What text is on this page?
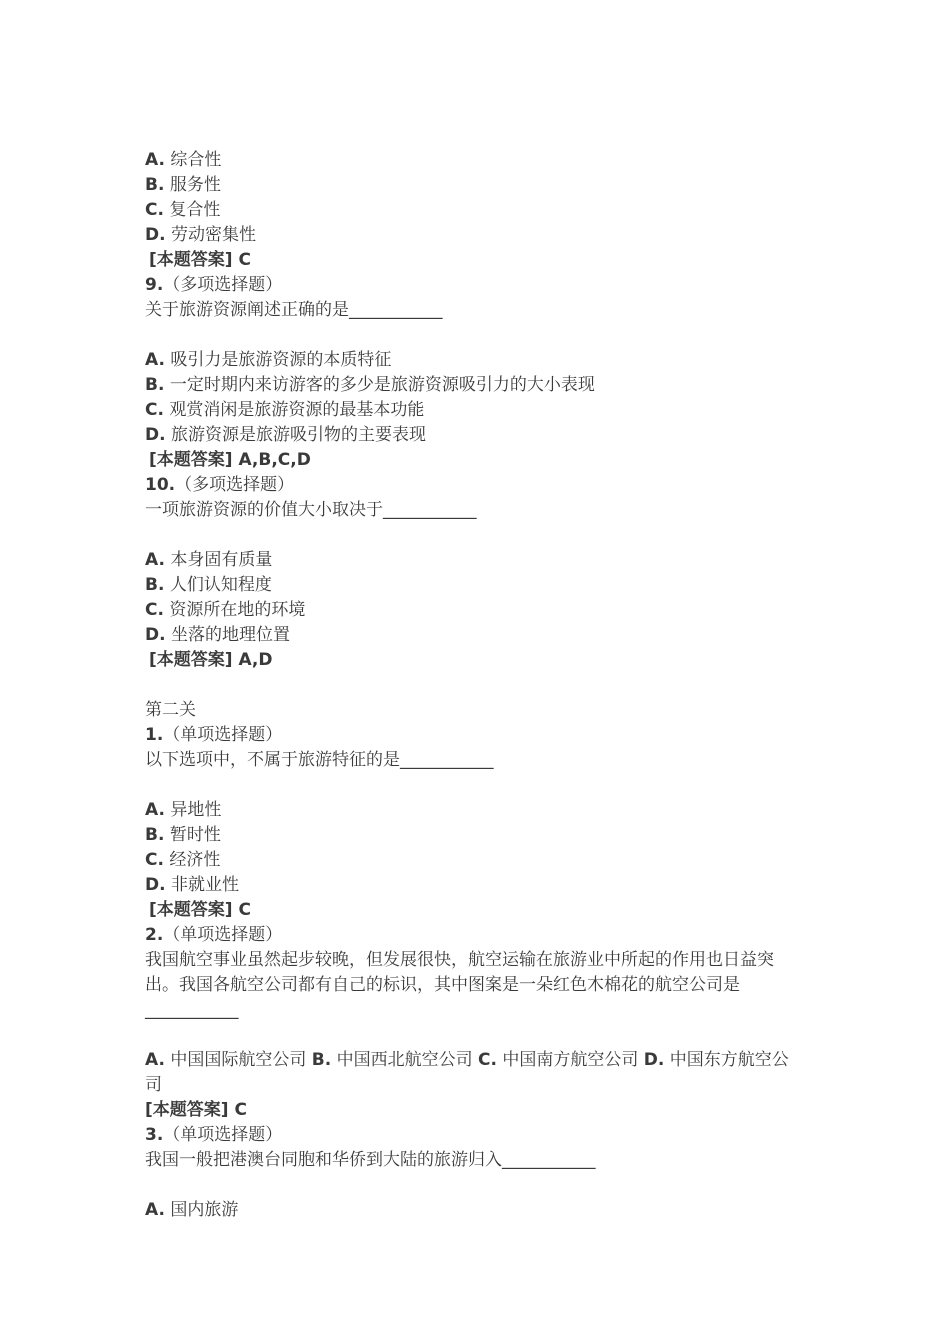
A. 综合性
B. 服务性
C. 复合性
D. 劳动密集性
[本题答案] C
9.（多项选择题）
关于旅游资源阐述正确的是___________
A. 吸引力是旅游资源的本质特征
B. 一定时期内来访游客的多少是旅游资源吸引力的大小表现
C. 观赏消闲是旅游资源的最基本功能
D. 旅游资源是旅游吸引物的主要表现
[本题答案] A,B,C,D
10.（多项选择题）
一项旅游资源的价值大小取决于___________
A. 本身固有质量
B. 人们认知程度
C. 资源所在地的环境
D. 坐落的地理位置
[本题答案] A,D
第二关
1.（单项选择题）
以下选项中，不属于旅游特征的是___________
A. 异地性
B. 暂时性
C. 经济性
D. 非就业性
[本题答案] C
2.（单项选择题）
我国航空事业虽然起步较晚，但发展很快，航空运输在旅游业中所起的作用也日益突出。我国各航空公司都有自己的标识，其中图案是一朵红色木棉花的航空公司是___________
A. 中国国际航空公司 B. 中国西北航空公司 C. 中国南方航空公司 D. 中国东方航空公司
[本题答案] C
3.（单项选择题）
我国一般把港澳台同胞和华侨到大陆的旅游归入___________
A. 国内旅游
